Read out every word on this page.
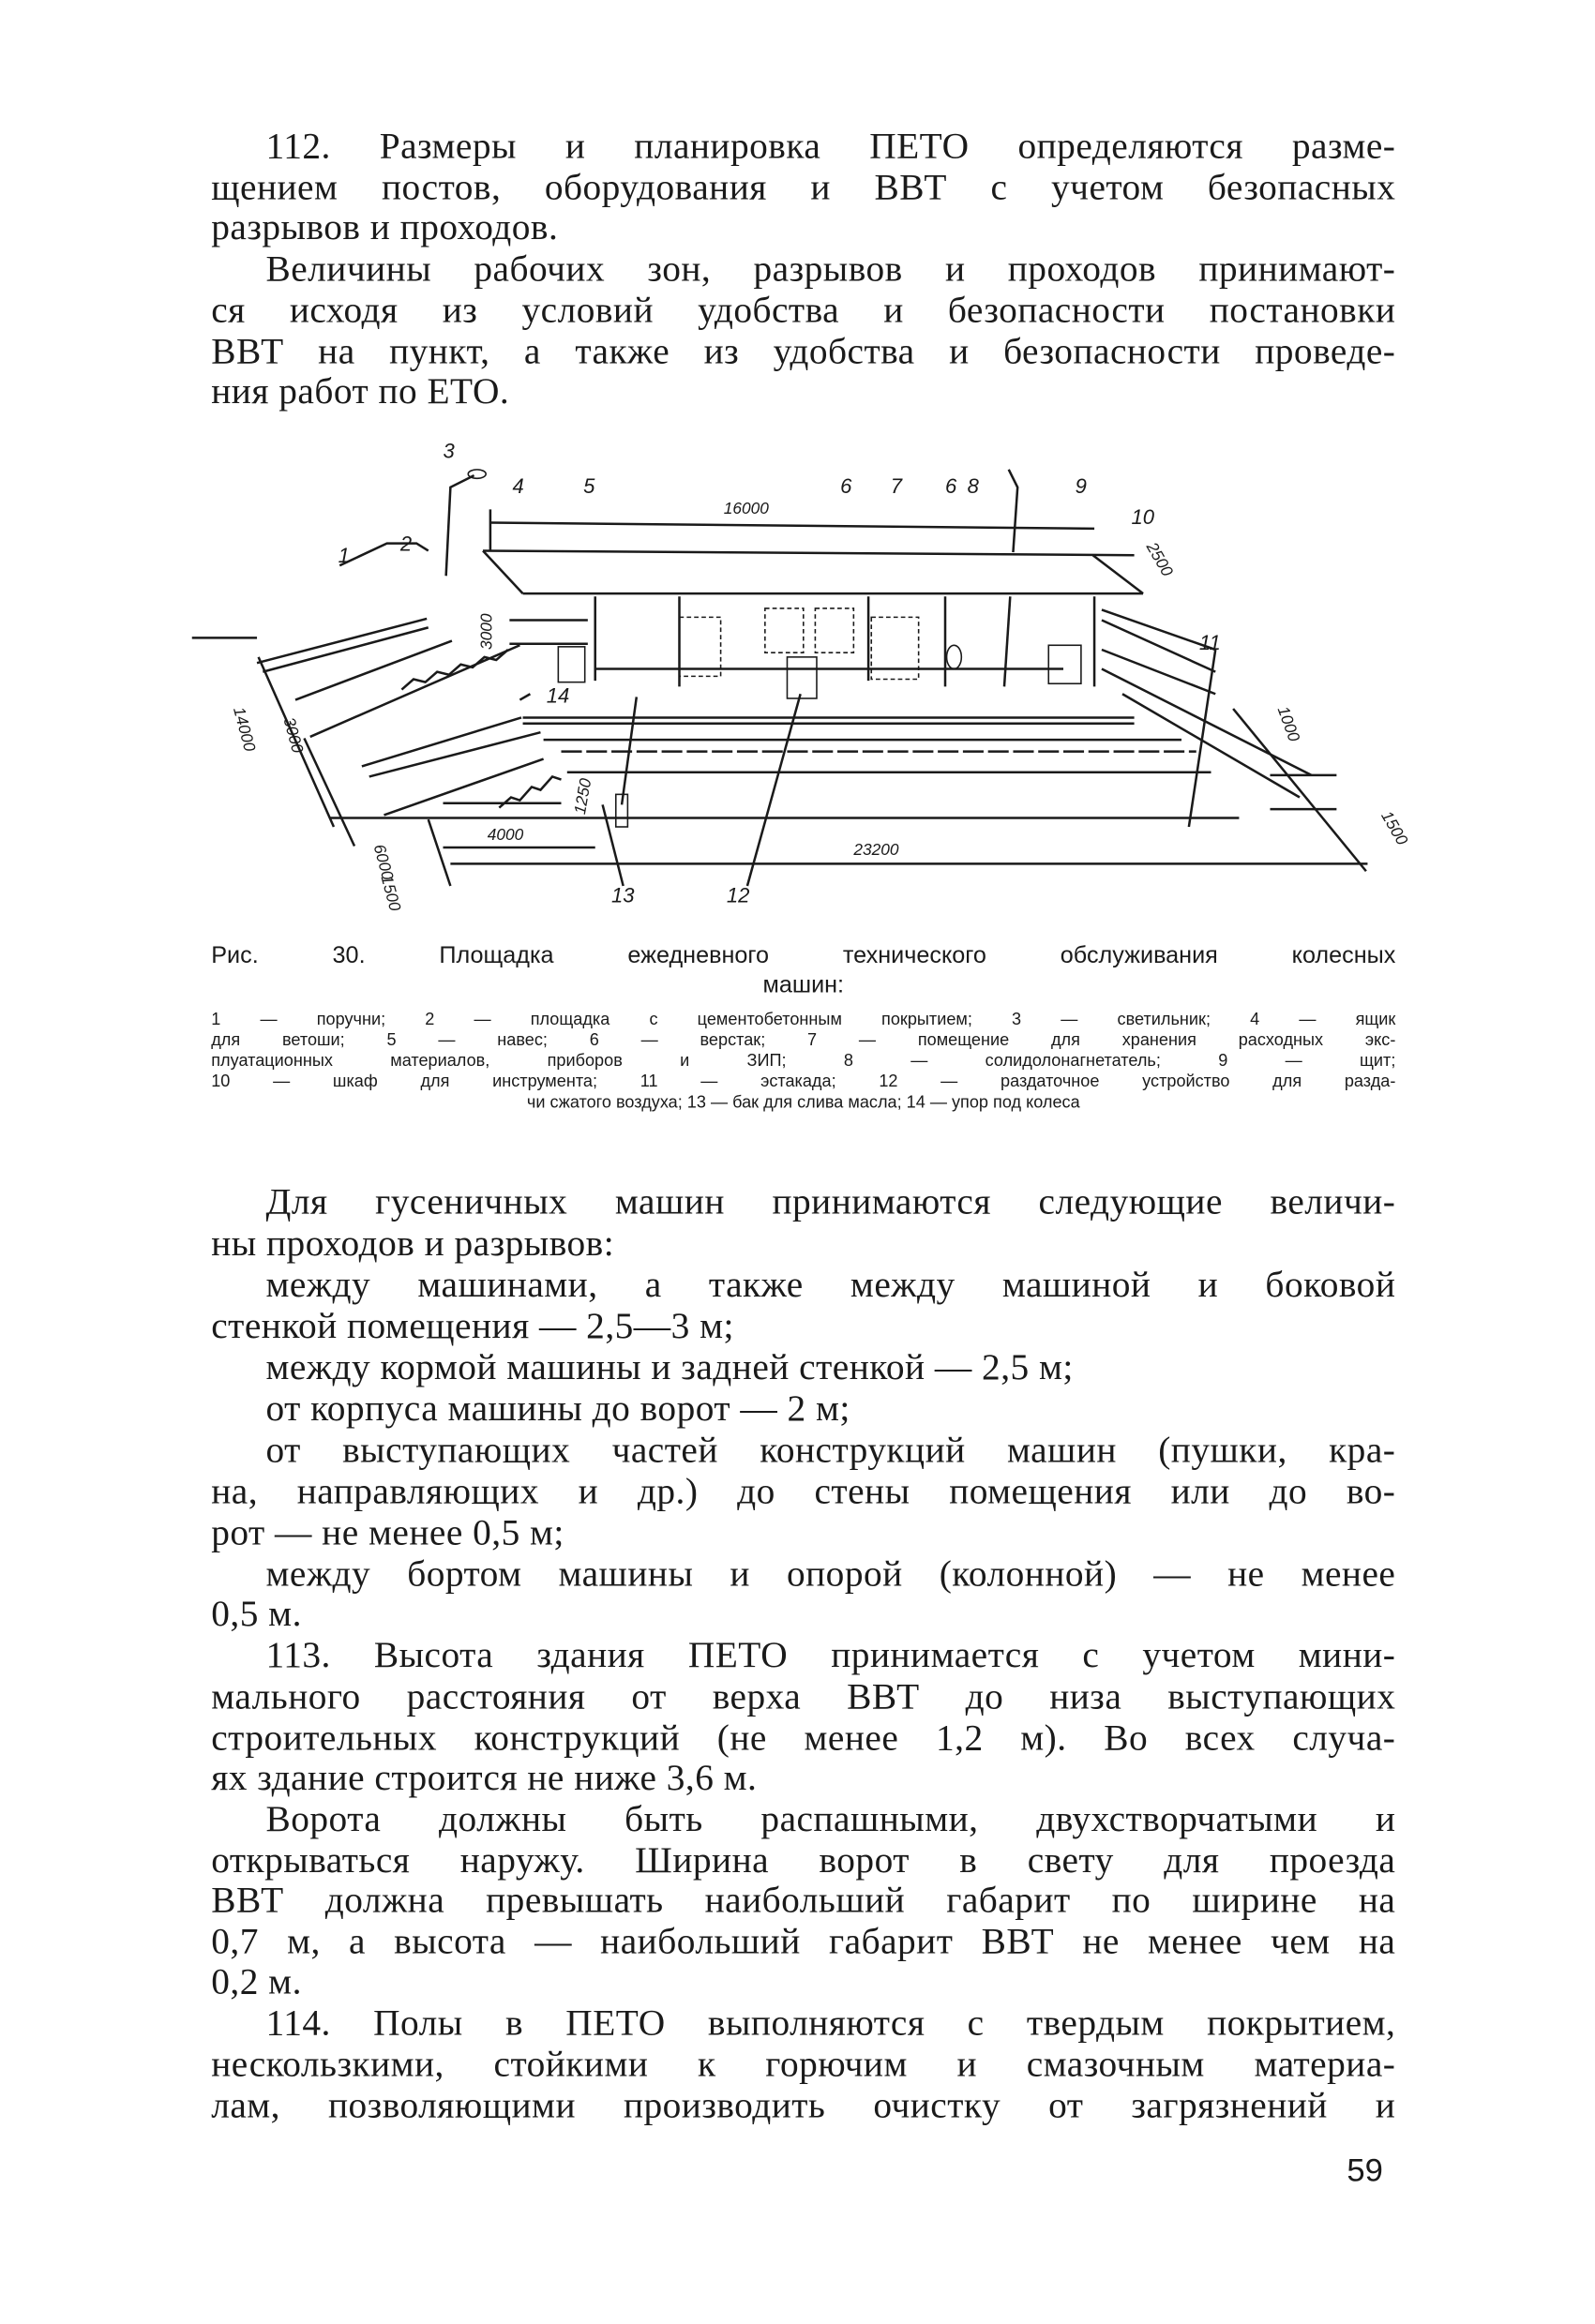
112. Размеры и планировка ПЕТО определяются разме-
щением постов, оборудования и ВВТ с учетом безопасных
разрывов и проходов.
Величины рабочих зон, разрывов и проходов принимают-
ся исходя из условий удобства и безопасности постановки
ВВТ на пункт, а также из удобства и безопасности проведе-
ния работ по ЕТО.
1
2
3
4	5	6	7	6 8	9
10
11
12
13
14
16000
2500
3000
1000
14000 3000
6000
1500
1250
4000
23200
1500
Рис. 30. Площадка ежедневного технического обслуживания колесных
машин:
1 — поручни; 2 — площадка с цементобетонным покрытием; 3 — светильник; 4 — ящик
для ветоши; 5 — навес; 6 — верстак; 7 — помещение для хранения расходных экс-
плуатационных материалов, приборов и ЗИП; 8 — солидолонагнетатель; 9 — щит;
10 — шкаф для инструмента; 11 — эстакада; 12 — раздаточное устройство для разда-
чи сжатого воздуха; 13 — бак для слива масла; 14 — упор под колеса
Для гусеничных машин принимаются следующие величи-
ны проходов и разрывов:
между машинами, а также между машиной и боковой
стенкой помещения — 2,5—3 м;
между кормой машины и задней стенкой — 2,5 м;
от корпуса машины до ворот — 2 м;
от выступающих частей конструкций машин (пушки, кра-
на, направляющих и др.) до стены помещения или до во-
рот — не менее 0,5 м;
между бортом машины и опорой (колонной) — не менее
0,5 м.
113. Высота здания ПЕТО принимается с учетом мини-
мального расстояния от верха ВВТ до низа выступающих
строительных конструкций (не менее 1,2 м). Во всех случа-
ях здание строится не ниже 3,6 м.
Ворота должны быть распашными, двухстворчатыми и
открываться наружу. Ширина ворот в свету для проезда
ВВТ должна превышать наибольший габарит по ширине на
0,7 м, а высота — наибольший габарит ВВТ не менее чем на
0,2 м.
114. Полы в ПЕТО выполняются с твердым покрытием,
нескользкими, стойкими к горючим и смазочным материа-
лам, позволяющими производить очистку от загрязнений и
59
